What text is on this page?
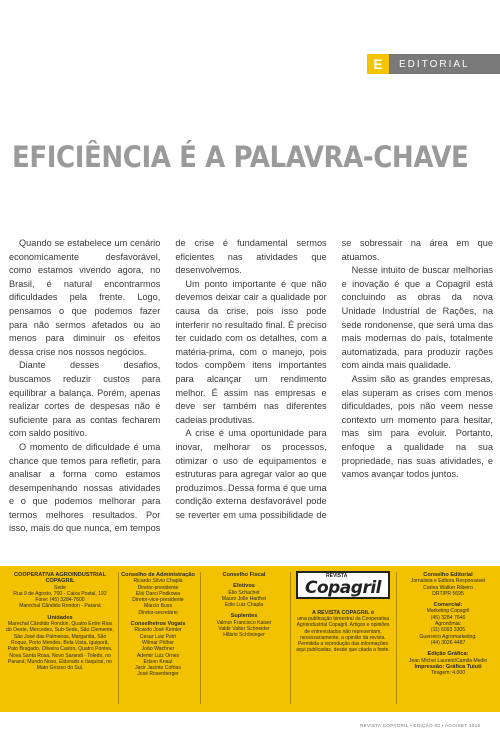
E	EDITORIAL
EFICIÊNCIA É A PALAVRA-CHAVE

Quando se estabelece um cenário economicamente desfavorável, como estamos vivendo agora, no Brasil, é natural encontrarmos dificuldades pela frente. Logo, pensamos o que podemos fazer para não sermos afetados ou ao menos para diminuir os efeitos dessa crise nos nossos negócios.

Diante desses desafios, buscamos reduzir custos para equilibrar a balança. Porém, apenas realizar cortes de despesas não é suficiente para as contas fecharem com saldo positivo.

O momento de dificuldade é uma chance que temos para refletir, para analisar a forma como estamos desempenhando nossas atividades e o que podemos melhorar para termos melhores resultados. Por isso, mais do que nunca, em tempos de crise é fundamental sermos eficientes nas atividades que desenvolvemos.

Um ponto importante é que não devemos deixar cair a qualidade por causa da crise, pois isso pode interferir no resultado final. É preciso ter cuidado com os detalhes, com a matéria-prima, com o manejo, pois todos compõem itens importantes para alcançar um rendimento melhor. É assim nas empresas e deve ser também nas diferentes cadeias produtivas.

A crise é uma oportunidade para inovar, melhorar os processos, otimizar o uso de equipamentos e estruturas para agregar valor ao que produzimos. Dessa forma é que uma condição externa desfavorável pode se reverter em uma possibilidade de se sobressair na área em que atuamos.

Nesse intuito de buscar melhorias e inovação é que a Copagril está concluindo as obras da nova Unidade Industrial de Rações, na sede rondonense, que será uma das mais modernas do país, totalmente automatizada, para produzir rações com ainda mais qualidade.

Assim são as grandes empresas, elas superam as crises com menos dificuldades, pois não veem nesse contexto um momento para hesitar, mas sim para evoluir. Portanto, enfoque a qualidade na sua propriedade, nas suas atividades, e vamos avançar todos juntos.

COOPERATIVA AGROINDUSTRIAL COPAGRIL
Sede
Rua 9 de Agosto, 700 - Caixa Postal, 192
Fone: (45) 3284-7600
Marechal Cândido Rondon - Paraná
Unidades
Marechal Cândido Rondon, Quatro Entre Rios do Oeste, Mercedes, Sub-Sede, São Clemente, São José das Palmeiras, Margarida, São Roque, Porto Mendes, Bela Vista, Iguiporã, Pato Bragado, Oliveira Castro, Quatro Pontes, Nova Santa Rosa, Novo Sarandi - Toledo, no Paraná; Mundo Novo, Eldorado e Itaquiraí, no Mato Grosso do Sul.
Conselho de Administração
Ricardo Sílvio Chapla
Diretor-presidente
Elói Darci Podkowa
Diretor-vice-presidente
Márcio Buss
Diretor-secretário
Conselheiros Vogais
Ricardo José Kemler
Cesar Luiz Petri
Wilmar Pölher
João Wachner
Ademir Luiz Ornes
Edson Knaul
Jacir Jacinto Cofrias
José Rosenberger
Conselho Fiscal
Efetivos
Élio Schachet
Mauro Jolle Harthel
Edio Luiz Chapla
Suplentes
Valmor Francisco Kaiser
Valdir Valter Schneider
Hilário Schöninger
REVISTA
Copagril
A REVISTA COPAGRIL é
uma publicação bimestral da Cooperativa Agroindustrial Copagril. Artigos e opiniões de entrevistados não representam, necessariamente, a opinião da revista. Permitida a reprodução das informações aqui publicadas, desde que citada a fonte.
Conselho Editorial
Jornalista e Editora Responsável
Carina Walker Ribeiro
DRT/PR 5695
Comercial:
Marketing Copagril
(45) 3284 7646
Agronômia:
(11) 6093 3305
Guerreiro Agromarketing:
(44) 3026 4487
Edição Gráfica:
Jean Michel Laurent/Camila Medin
Impressão: Gráfica Tuiuti
Tiragem: 4.000
REVISTA COPAGRIL • EDIÇÃO 93 • AGO/SET 2015
